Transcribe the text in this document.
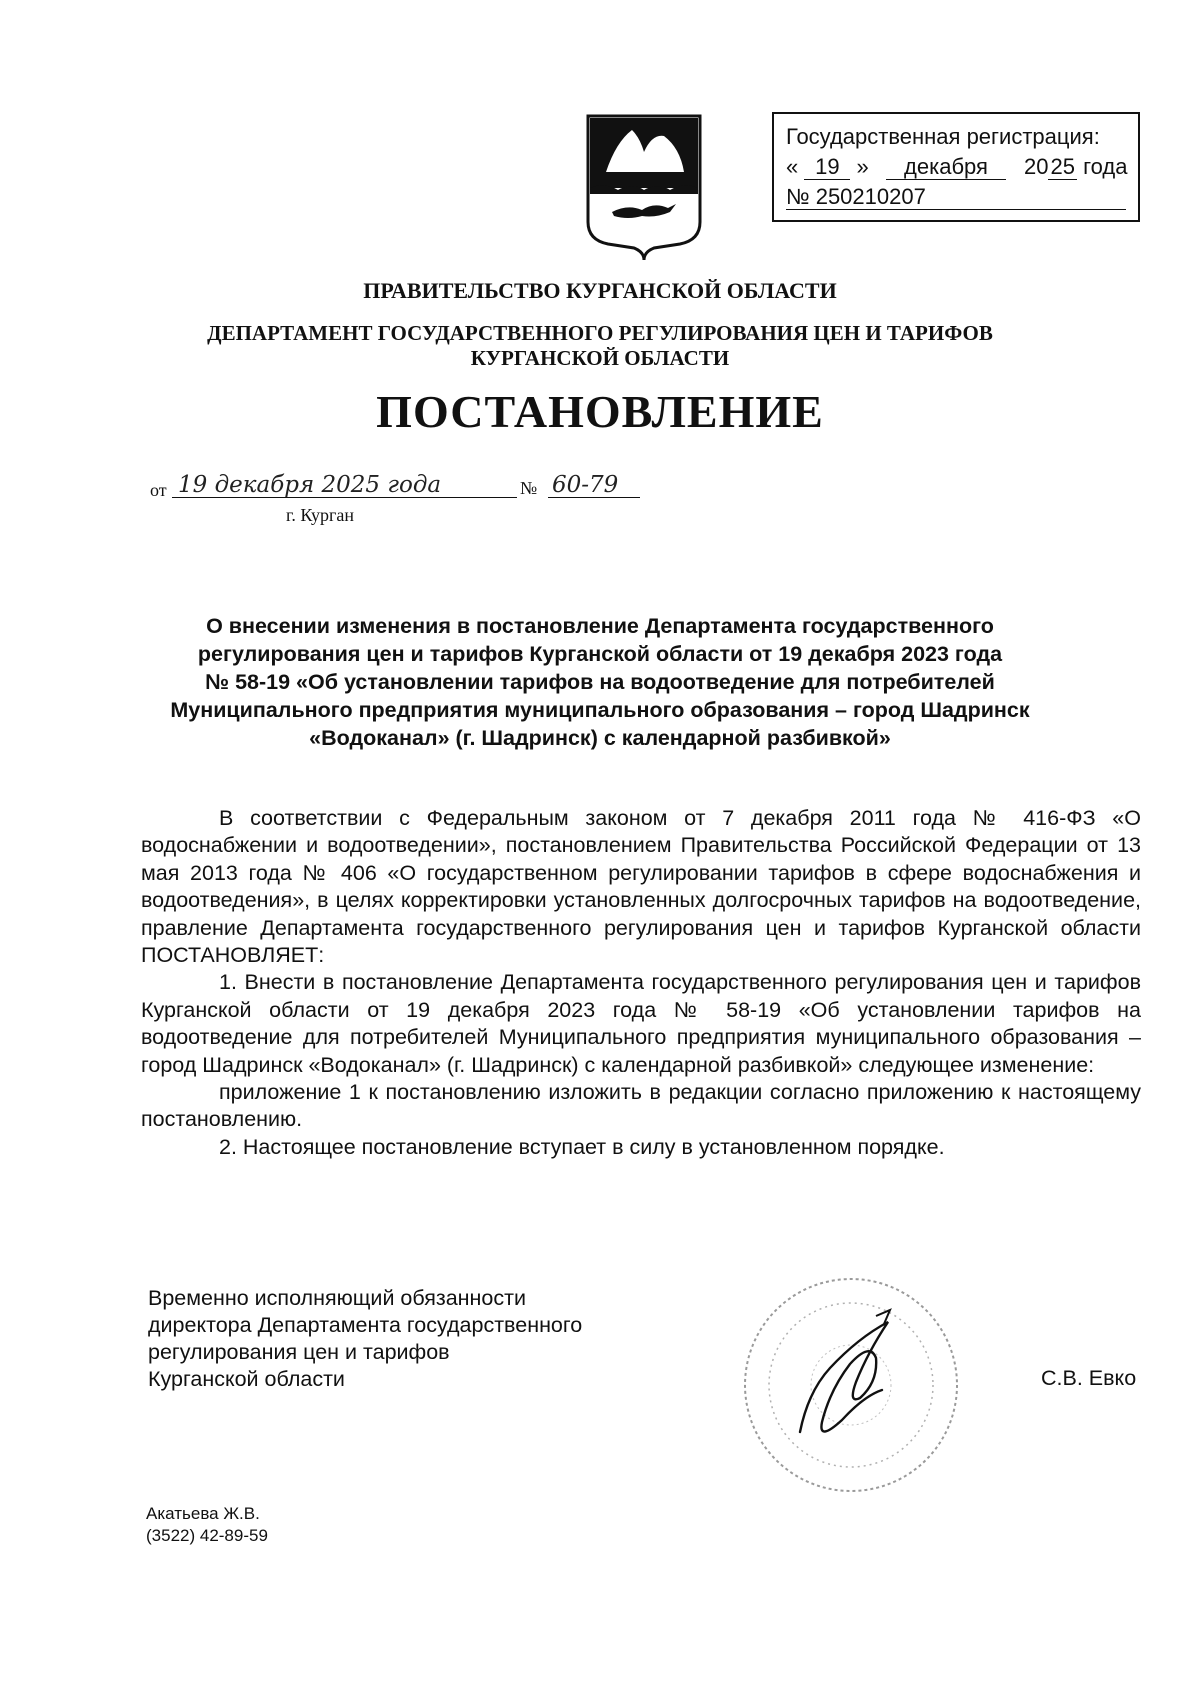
Государственная регистрация:
« 19 »	декабря	2025 года
№ 250210207
ПРАВИТЕЛЬСТВО КУРГАНСКОЙ ОБЛАСТИ
ДЕПАРТАМЕНТ ГОСУДАРСТВЕННОГО РЕГУЛИРОВАНИЯ ЦЕН И ТАРИФОВ
КУРГАНСКОЙ ОБЛАСТИ
ПОСТАНОВЛЕНИЕ
от 19 декабря 2025 года	№ 60-79
г. Курган
О внесении изменения в постановление Департамента государственного
регулирования цен и тарифов Курганской области от 19 декабря 2023 года
№ 58-19 «Об установлении тарифов на водоотведение для потребителей
Муниципального предприятия муниципального образования – город Шадринск
«Водоканал» (г. Шадринск) с календарной разбивкой»

В соответствии с Федеральным законом от 7 декабря 2011 года № 416-ФЗ «О водоснабжении и водоотведении», постановлением Правительства Российской Федерации от 13 мая 2013 года № 406 «О государственном регулировании тарифов в сфере водоснабжения и водоотведения», в целях корректировки установленных долгосрочных тарифов на водоотведение, правление Департамента государственного регулирования цен и тарифов Курганской области ПОСТАНОВЛЯЕТ:

1. Внести в постановление Департамента государственного регулирования цен и тарифов Курганской области от 19 декабря 2023 года № 58-19 «Об установлении тарифов на водоотведение для потребителей Муниципального предприятия муниципального образования – город Шадринск «Водоканал» (г. Шадринск) с календарной разбивкой» следующее изменение:

приложение 1 к постановлению изложить в редакции согласно приложению к настоящему постановлению.

2. Настоящее постановление вступает в силу в установленном порядке.

Временно исполняющий обязанности
директора Департамента государственного
регулирования цен и тарифов
Курганской области	С.В. Евко
Акатьева Ж.В.
(3522) 42-89-59
